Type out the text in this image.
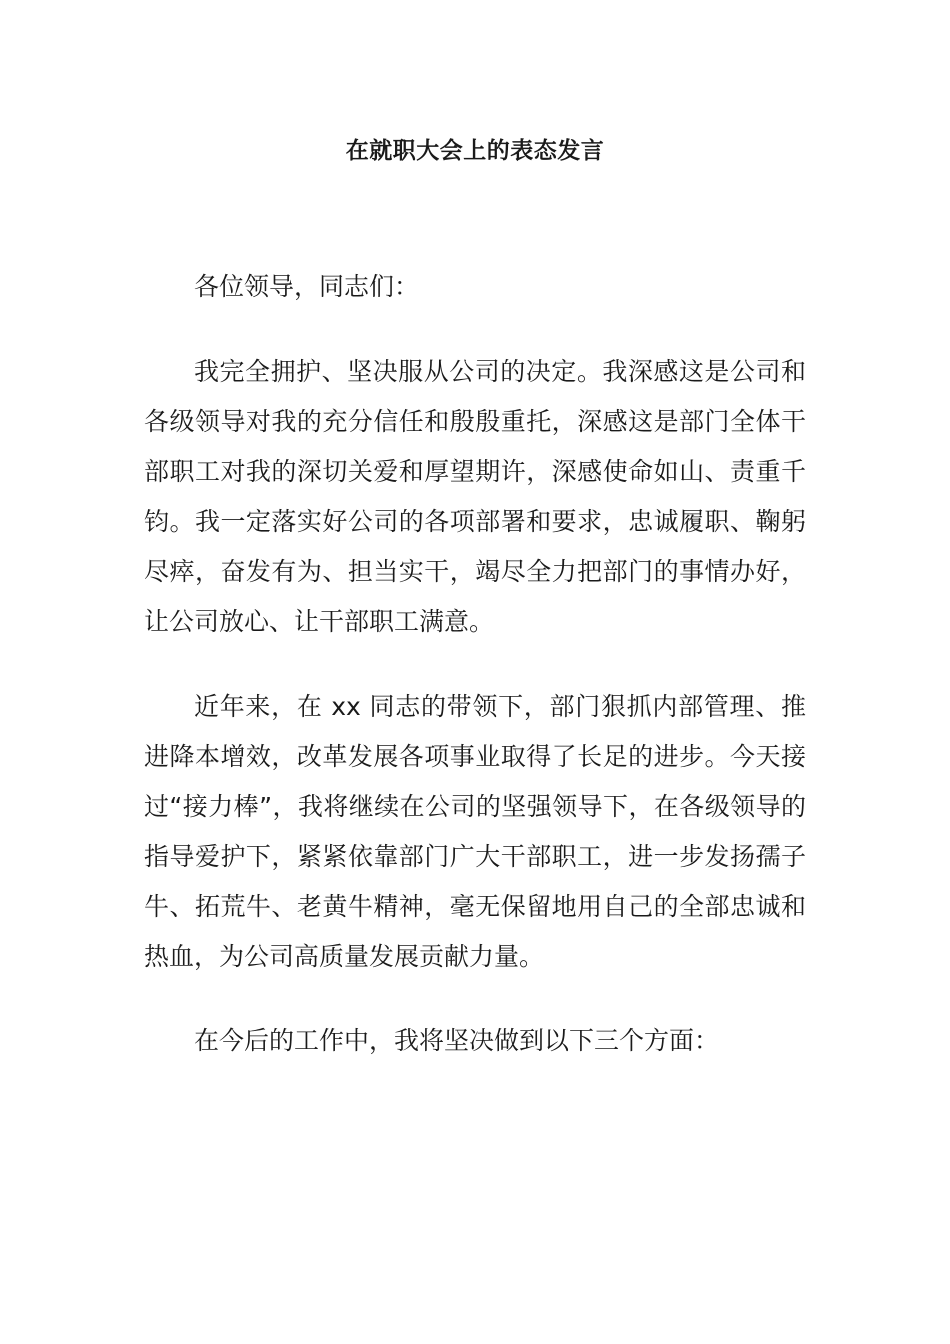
在就职大会上的表态发言

各位领导，同志们：

我完全拥护、坚决服从公司的决定。我深感这是公司和各级领导对我的充分信任和殷殷重托，深感这是部门全体干部职工对我的深切关爱和厚望期许，深感使命如山、责重千钧。我一定落实好公司的各项部署和要求，忠诚履职、鞠躬尽瘁，奋发有为、担当实干，竭尽全力把部门的事情办好，让公司放心、让干部职工满意。

近年来，在 xx 同志的带领下，部门狠抓内部管理、推进降本增效，改革发展各项事业取得了长足的进步。今天接过“接力棒”，我将继续在公司的坚强领导下，在各级领导的指导爱护下，紧紧依靠部门广大干部职工，进一步发扬孺子牛、拓荒牛、老黄牛精神，毫无保留地用自己的全部忠诚和热血，为公司高质量发展贡献力量。

在今后的工作中，我将坚决做到以下三个方面：
